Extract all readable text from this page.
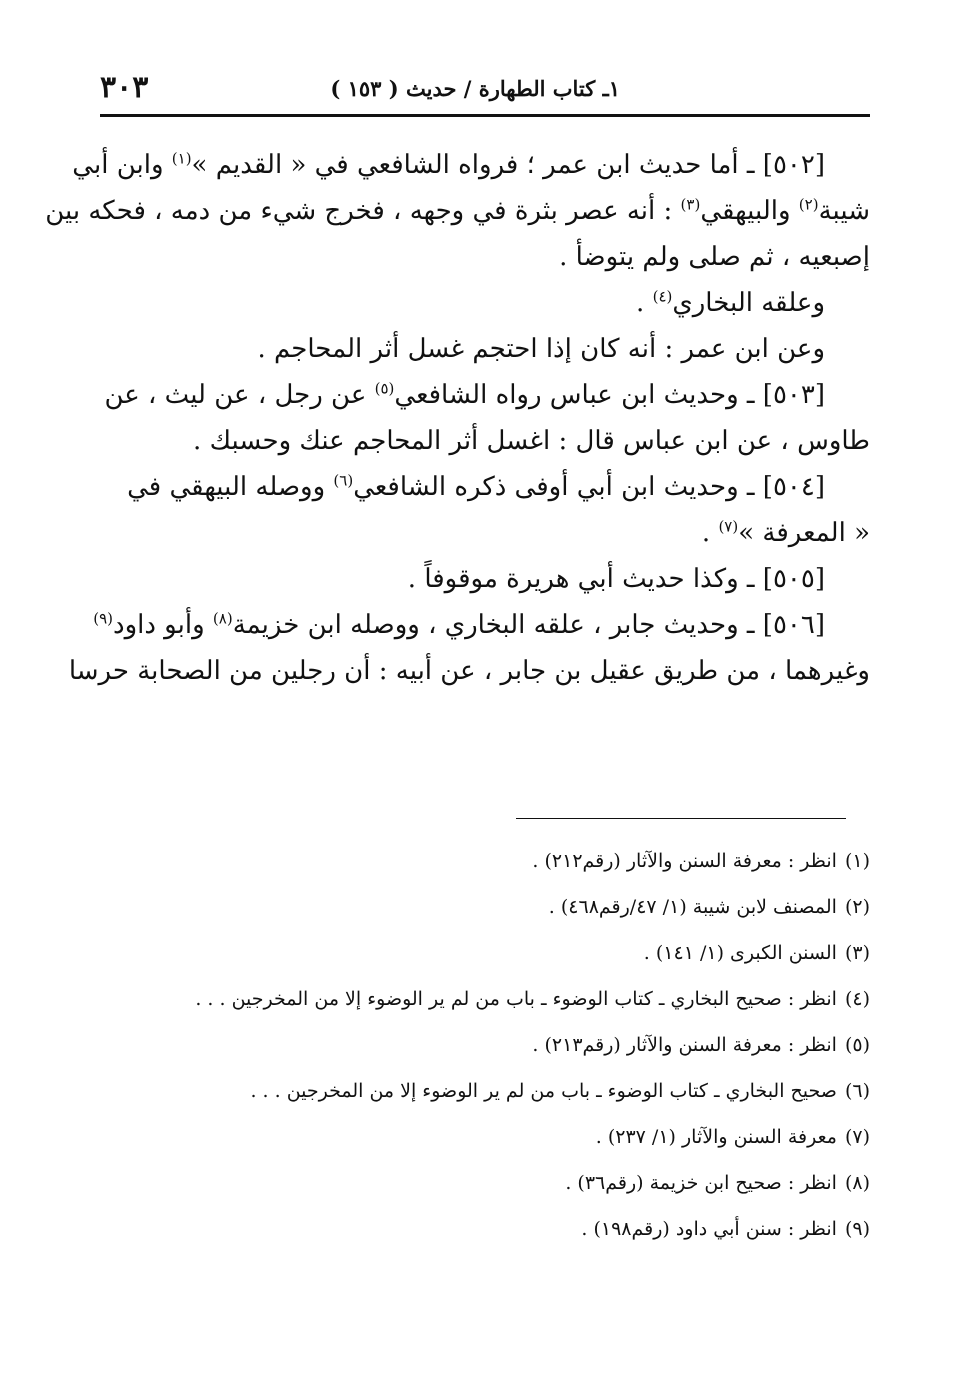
٣٠٣	١ـ كتاب الطهارة / حديث ( ١٥٣ )

[٥٠٢] ـ أما حديث ابن عمر ؛ فرواه الشافعي في « القديم »$^{(١)}$ وابن أبي
شيبة$^{(٢)}$ والبيهقي$^{(٣)}$ : أنه عصر بثرة في وجهه ، فخرج شيء من دمه ، فحكه بين
إصبعيه ، ثم صلى ولم يتوضأ .

وعلقه البخاري$^{(٤)}$ .

وعن ابن عمر : أنه كان إذا احتجم غسل أثر المحاجم .

[٥٠٣] ـ وحديث ابن عباس رواه الشافعي$^{(٥)}$ عن رجل ، عن ليث ، عن
طاوس ، عن ابن عباس قال : اغسل أثر المحاجم عنك وحسبك .

[٥٠٤] ـ وحديث ابن أبي أوفى ذكره الشافعي$^{(٦)}$ ووصله البيهقي في
« المعرفة »$^{(٧)}$ .

[٥٠٥] ـ وكذا حديث أبي هريرة موقوفاً .

[٥٠٦] ـ وحديث جابر ، علقه البخاري ، ووصله ابن خزيمة$^{(٨)}$ وأبو داود$^{(٩)}$
وغيرهما ، من طريق عقيل بن جابر ، عن أبيه : أن رجلين من الصحابة حرسا

(١)انظر : معرفة السنن والآثار (رقم٢١٢) .
(٢)المصنف لابن شيبة (١/ ٤٧/رقم٤٦٨) .
(٣)السنن الكبرى (١/ ١٤١) .
(٤)انظر : صحيح البخاري ـ كتاب الوضوء ـ باب من لم ير الوضوء إلا من المخرجين . . .
(٥)انظر : معرفة السنن والآثار (رقم٢١٣) .
(٦)صحيح البخاري ـ كتاب الوضوء ـ باب من لم ير الوضوء إلا من المخرجين . . .
(٧)معرفة السنن والآثار (١/ ٢٣٧) .
(٨)انظر : صحيح ابن خزيمة (رقم٣٦) .
(٩)انظر : سنن أبي داود (رقم١٩٨) .
